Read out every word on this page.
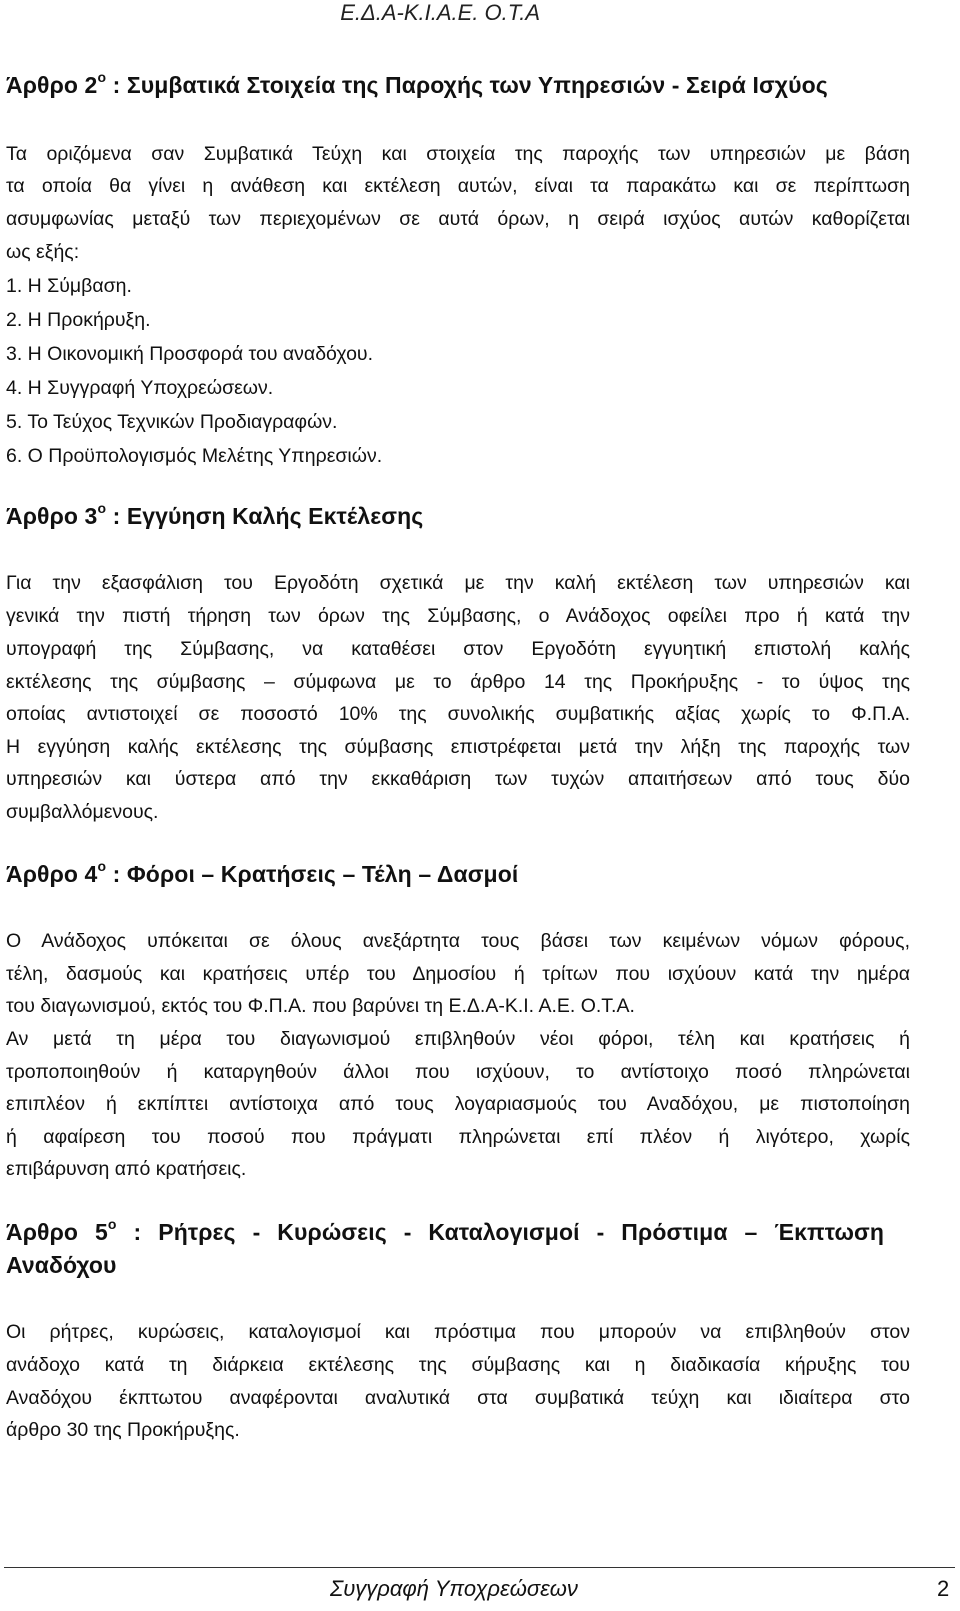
Ε.Δ.Α-Κ.Ι.Α.Ε. Ο.Τ.Α
Άρθρο $2^o$ : Συμβατικά Στοιχεία της Παροχής των Υπηρεσιών - Σειρά Ισχύος
Τα οριζόμενα σαν Συμβατικά Τεύχη και στοιχεία της παροχής των υπηρεσιών με βάση
τα οποία θα γίνει η ανάθεση και εκτέλεση αυτών, είναι τα παρακάτω και σε περίπτωση
ασυμφωνίας μεταξύ των περιεχομένων σε αυτά όρων, η σειρά ισχύος αυτών καθορίζεται
ως εξής:
1. Η Σύμβαση.
2. Η Προκήρυξη.
3. Η Οικονομική Προσφορά του αναδόχου.
4. Η Συγγραφή Υποχρεώσεων.
5. Το Τεύχος Τεχνικών Προδιαγραφών.
6. Ο Προϋπολογισμός Μελέτης Υπηρεσιών.
Άρθρο $3^o$ : Εγγύηση Καλής Εκτέλεσης
Για την εξασφάλιση του Εργοδότη σχετικά με την καλή εκτέλεση των υπηρεσιών και
γενικά την πιστή τήρηση των όρων της Σύμβασης, ο Ανάδοχος οφείλει προ ή κατά την
υπογραφή της Σύμβασης, να καταθέσει στον Εργοδότη εγγυητική επιστολή καλής
εκτέλεσης της σύμβασης – σύμφωνα με το άρθρο 14 της Προκήρυξης - το ύψος της
οποίας αντιστοιχεί σε ποσοστό 10% της συνολικής συμβατικής αξίας χωρίς το Φ.Π.Α.
Η εγγύηση καλής εκτέλεσης της σύμβασης επιστρέφεται μετά την λήξη της παροχής των
υπηρεσιών και ύστερα από την εκκαθάριση των τυχών απαιτήσεων από τους δύο
συμβαλλόμενους.
Άρθρο $4^o$ : Φόροι – Κρατήσεις – Τέλη – Δασμοί
Ο Ανάδοχος υπόκειται σε όλους ανεξάρτητα τους βάσει των κειμένων νόμων φόρους,
τέλη, δασμούς και κρατήσεις υπέρ του Δημοσίου ή τρίτων που ισχύουν κατά την ημέρα
του διαγωνισμού, εκτός του Φ.Π.Α. που βαρύνει τη Ε.Δ.Α-Κ.Ι. Α.Ε. Ο.Τ.Α.
Αν μετά τη μέρα του διαγωνισμού επιβληθούν νέοι φόροι, τέλη και κρατήσεις ή
τροποποιηθούν ή καταργηθούν άλλοι που ισχύουν, το αντίστοιχο ποσό πληρώνεται
επιπλέον ή εκπίπτει αντίστοιχα από τους λογαριασμούς του Αναδόχου, με πιστοποίηση
ή αφαίρεση του ποσού που πράγματι πληρώνεται επί πλέον ή λιγότερο, χωρίς
επιβάρυνση από κρατήσεις.
Άρθρο $5^o$ : Ρήτρες - Κυρώσεις - Καταλογισμοί - Πρόστιμα – Έκπτωση
Αναδόχου
Οι ρήτρες, κυρώσεις, καταλογισμοί και πρόστιμα που μπορούν να επιβληθούν στον
ανάδοχο κατά τη διάρκεια εκτέλεσης της σύμβασης και η διαδικασία κήρυξης του
Αναδόχου έκπτωτου αναφέρονται αναλυτικά στα συμβατικά τεύχη και ιδιαίτερα στο
άρθρο 30 της Προκήρυξης.
Συγγραφή Υποχρεώσεων	2
